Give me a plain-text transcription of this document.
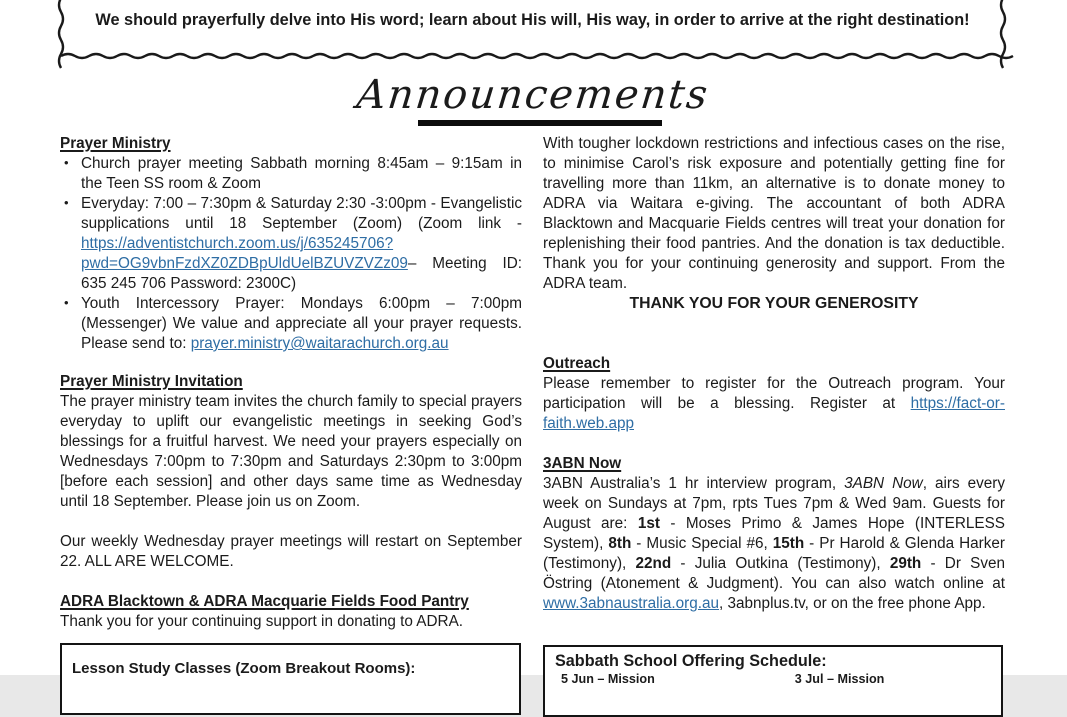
We should prayerfully delve into His word; learn about His will, His way, in order to arrive at the right destination!
Announcements
Prayer Ministry
• Church prayer meeting Sabbath morning 8:45am – 9:15am in the Teen SS room & Zoom
• Everyday: 7:00 – 7:30pm & Saturday 2:30 -3:00pm - Evangelistic supplications until 18 September (Zoom) (Zoom link - https://adventistchurch.zoom.us/j/635245706?pwd=OG9vbnFzdXZ0ZDBpUldUelBZUVZVZz09– Meeting ID: 635 245 706 Password: 2300C)
• Youth Intercessory Prayer: Mondays 6:00pm – 7:00pm (Messenger) We value and appreciate all your prayer requests. Please send to: prayer.ministry@waitarachurch.org.au
Prayer Ministry Invitation

The prayer ministry team invites the church family to special prayers everyday to uplift our evangelistic meetings in seeking God’s blessings for a fruitful harvest. We need your prayers especially on Wednesdays 7:00pm to 7:30pm and Saturdays 2:30pm to 3:00pm [before each session] and other days same time as Wednesday until 18 September. Please join us on Zoom.

Our weekly Wednesday prayer meetings will restart on September 22. ALL ARE WELCOME.

ADRA Blacktown & ADRA Macquarie Fields Food Pantry

Thank you for your continuing support in donating to ADRA.

With tougher lockdown restrictions and infectious cases on the rise, to minimise Carol’s risk exposure and potentially getting fine for travelling more than 11km, an alternative is to donate money to ADRA via Waitara e-giving. The accountant of both ADRA Blacktown and Macquarie Fields centres will treat your donation for replenishing their food pantries. And the donation is tax deductible. Thank you for your continuing generosity and support. From the ADRA team.

THANK YOU FOR YOUR GENEROSITY

Outreach

Please remember to register for the Outreach program. Your participation will be a blessing. Register at https://fact-or-faith.web.app

3ABN Now

3ABN Australia’s 1 hr interview program, 3ABN Now, airs every week on Sundays at 7pm, rpts Tues 7pm & Wed 9am. Guests for August are: 1st - Moses Primo & James Hope (INTERLESS System), 8th - Music Special #6, 15th - Pr Harold & Glenda Harker (Testimony), 22nd - Julia Outkina (Testimony), 29th - Dr Sven Östring (Atonement & Judgment). You can also watch online at www.3abnaustralia.org.au, 3abnplus.tv, or on the free phone App.

Lesson Study Classes (Zoom Breakout Rooms):	Sabbath School Offering Schedule:
5 Jun – Mission	3 Jul – Mission
